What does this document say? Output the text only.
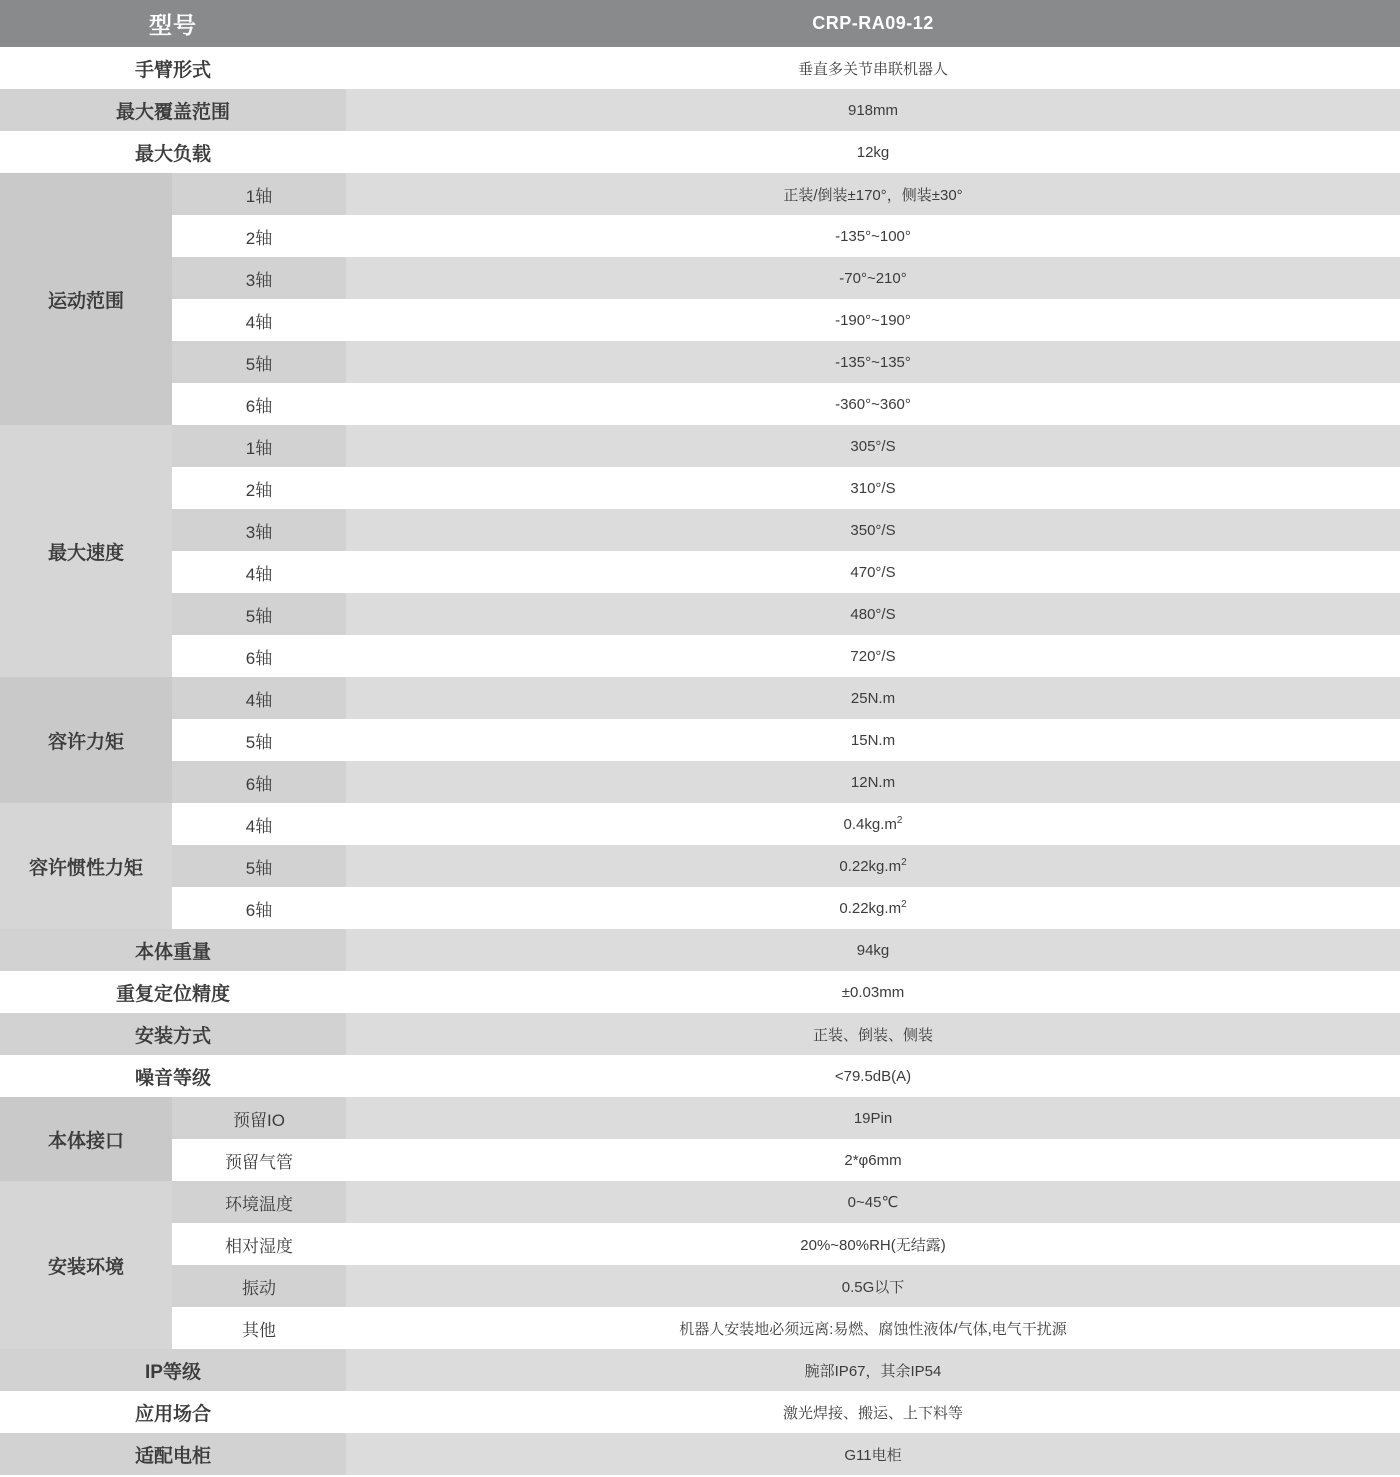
型号		CRP-RA09-12
手臂形式		垂直多关节串联机器人
最大覆盖范围		918mm
最大负载		12kg
运动范围	1轴	正装/倒装±170°，侧装±30°
	2轴	-135°~100°
	3轴	-70°~210°
	4轴	-190°~190°
	5轴	-135°~135°
	6轴	-360°~360°
最大速度	1轴	305°/S
	2轴	310°/S
	3轴	350°/S
	4轴	470°/S
	5轴	480°/S
	6轴	720°/S
容许力矩	4轴	25N.m
	5轴	15N.m
	6轴	12N.m
容许惯性力矩	4轴	$0.4kg.m^2$
	5轴	$0.22kg.m^2$
	6轴	$0.22kg.m^2$
本体重量		94kg
重复定位精度		±0.03mm
安装方式		正装、倒装、侧装
噪音等级		<79.5dB(A)
本体接口	预留IO	19Pin
	预留气管	2*φ6mm
安装环境	环境温度	0~45℃
	相对湿度	20%~80%RH(无结露)
	振动	0.5G以下
	其他	机器人安装地必须远离:易燃、腐蚀性液体/气体,电气干扰源
IP等级		腕部IP67，其余IP54
应用场合		激光焊接、搬运、上下料等
适配电柜		G11电柜
